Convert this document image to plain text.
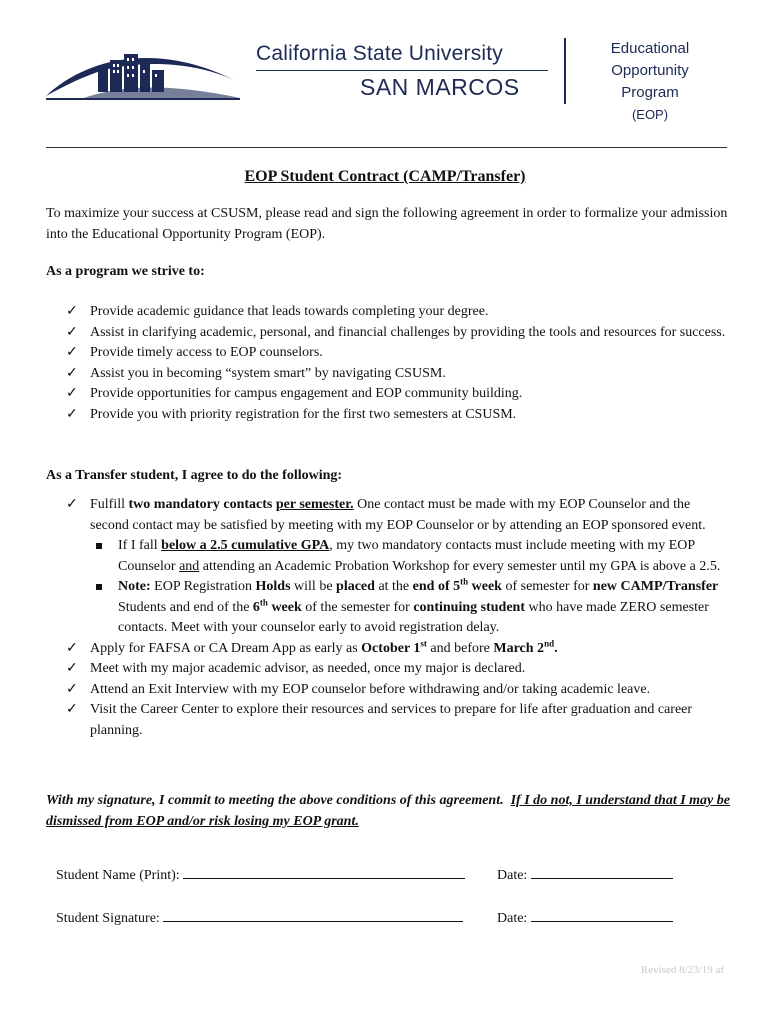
California State University
SAN MARCOS
Educational
Opportunity
Program
(EOP)
EOP Student Contract (CAMP/Transfer)
To maximize your success at CSUSM, please read and sign the following agreement in order to formalize your admission into the Educational Opportunity Program (EOP).
As a program we strive to:
✓ Provide academic guidance that leads towards completing your degree.
✓ Assist in clarifying academic, personal, and financial challenges by providing the tools and resources for success.
✓ Provide timely access to EOP counselors.
✓ Assist you in becoming “system smart” by navigating CSUSM.
✓ Provide opportunities for campus engagement and EOP community building.
✓ Provide you with priority registration for the first two semesters at CSUSM.
As a Transfer student, I agree to do the following:
✓ Fulfill two mandatory contacts per semester. One contact must be made with my EOP Counselor and the second contact may be satisfied by meeting with my EOP Counselor or by attending an EOP sponsored event.
If I fall below a 2.5 cumulative GPA, my two mandatory contacts must include meeting with my EOP Counselor and attending an Academic Probation Workshop for every semester until my GPA is above a 2.5.
Note: EOP Registration Holds will be placed at the end of 5th week of semester for new CAMP/Transfer Students and end of the 6th week of the semester for continuing student who have made ZERO semester contacts. Meet with your counselor early to avoid registration delay.
✓ Apply for FAFSA or CA Dream App as early as October 1st and before March 2nd.
✓ Meet with my major academic advisor, as needed, once my major is declared.
✓ Attend an Exit Interview with my EOP counselor before withdrawing and/or taking academic leave.
✓ Visit the Career Center to explore their resources and services to prepare for life after graduation and career planning.
With my signature, I commit to meeting the above conditions of this agreement. If I do not, I understand that I may be dismissed from EOP and/or risk losing my EOP grant.
Student Name (Print):	Date:
Student Signature:	Date:
Revised 8/23/19 af
